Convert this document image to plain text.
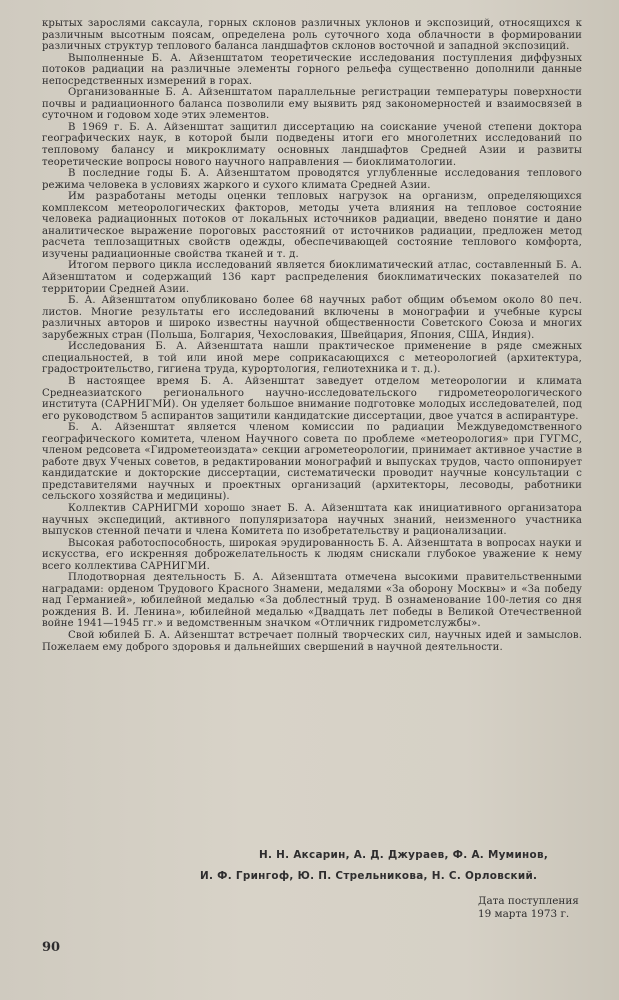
крытых зарослями саксаула, горных склонов различных уклонов и экспозиций, относящихся к различным высотным поясам, определена роль суточного хода облачности в формировании различных структур теплового баланса ландшафтов склонов восточной и западной экспозиций.

Выполненные Б. А. Айзенштатом теоретические исследования поступления диффузных потоков радиации на различные элементы горного рельефа существенно дополнили данные непосредственных измерений в горах.

Организованные Б. А. Айзенштатом параллельные регистрации температуры поверхности почвы и радиационного баланса позволили ему выявить ряд закономерностей и взаимосвязей в суточном и годовом ходе этих элементов.

В 1969 г. Б. А. Айзенштат защитил диссертацию на соискание ученой степени доктора географических наук, в которой были подведены итоги его многолетних исследований по тепловому балансу и микроклимату основных ландшафтов Средней Азии и развиты теоретические вопросы нового научного направления — биоклиматологии.

В последние годы Б. А. Айзенштатом проводятся углубленные исследования теплового режима человека в условиях жаркого и сухого климата Средней Азии.

Им разработаны методы оценки тепловых нагрузок на организм, определяющихся комплексом метеорологических факторов, методы учета влияния на тепловое состояние человека радиационных потоков от локальных источников радиации, введено понятие и дано аналитическое выражение пороговых расстояний от источников радиации, предложен метод расчета теплозащитных свойств одежды, обеспечивающей состояние теплового комфорта, изучены радиационные свойства тканей и т. д.

Итогом первого цикла исследований является биоклиматический атлас, составленный Б. А. Айзенштатом и содержащий 136 карт распределения биоклиматических показателей по территории Средней Азии.

Б. А. Айзенштатом опубликовано более 68 научных работ общим объемом около 80 печ. листов. Многие результаты его исследований включены в монографии и учебные курсы различных авторов и широко известны научной общественности Советского Союза и многих зарубежных стран (Польша, Болгария, Чехословакия, Швейцария, Япония, США, Индия).

Исследования Б. А. Айзенштата нашли практическое применение в ряде смежных специальностей, в той или иной мере соприкасающихся с метеорологией (архитектура, градостроительство, гигиена труда, курортология, гелиотехника и т. д.).

В настоящее время Б. А. Айзенштат заведует отделом метеорологии и климата Среднеазиатского регионального научно-исследовательского гидрометеорологического института (САРНИГМИ). Он уделяет большое внимание подготовке молодых исследователей, под его руководством 5 аспирантов защитили кандидатские диссертации, двое учатся в аспирантуре.

Б. А. Айзенштат является членом комиссии по радиации Междуведомственного географического комитета, членом Научного совета по проблеме «метеорология» при ГУГМС, членом редсовета «Гидрометеоиздата» секции агрометеорологии, принимает активное участие в работе двух Ученых советов, в редактировании монографий и выпусках трудов, часто оппонирует кандидатские и докторские диссертации, систематически проводит научные консультации с представителями научных и проектных организаций (архитекторы, лесоводы, работники сельского хозяйства и медицины).

Коллектив САРНИГМИ хорошо знает Б. А. Айзенштата как инициативного организатора научных экспедиций, активного популяризатора научных знаний, неизменного участника выпусков стенной печати и члена Комитета по изобретательству и рационализации.

Высокая работоспособность, широкая эрудированность Б. А. Айзенштата в вопросах науки и искусства, его искренняя доброжелательность к людям снискали глубокое уважение к нему всего коллектива САРНИГМИ.

Плодотворная деятельность Б. А. Айзенштата отмечена высокими правительственными наградами: орденом Трудового Красного Знамени, медалями «За оборону Москвы» и «За победу над Германией», юбилейной медалью «За доблестный труд. В ознаменование 100-летия со дня рождения В. И. Ленина», юбилейной медалью «Двадцать лет победы в Великой Отечественной войне 1941—1945 гг.» и ведомственным значком «Отличник гидрометслужбы».

Свой юбилей Б. А. Айзенштат встречает полный творческих сил, научных идей и замыслов. Пожелаем ему доброго здоровья и дальнейших свершений в научной деятельности.

Н. Н. Аксарин, А. Д. Джураев, Ф. А. Муминов,
И. Ф. Грингоф, Ю. П. Стрельникова, Н. С. Орловский.
Дата поступления
19 марта 1973 г.
90
